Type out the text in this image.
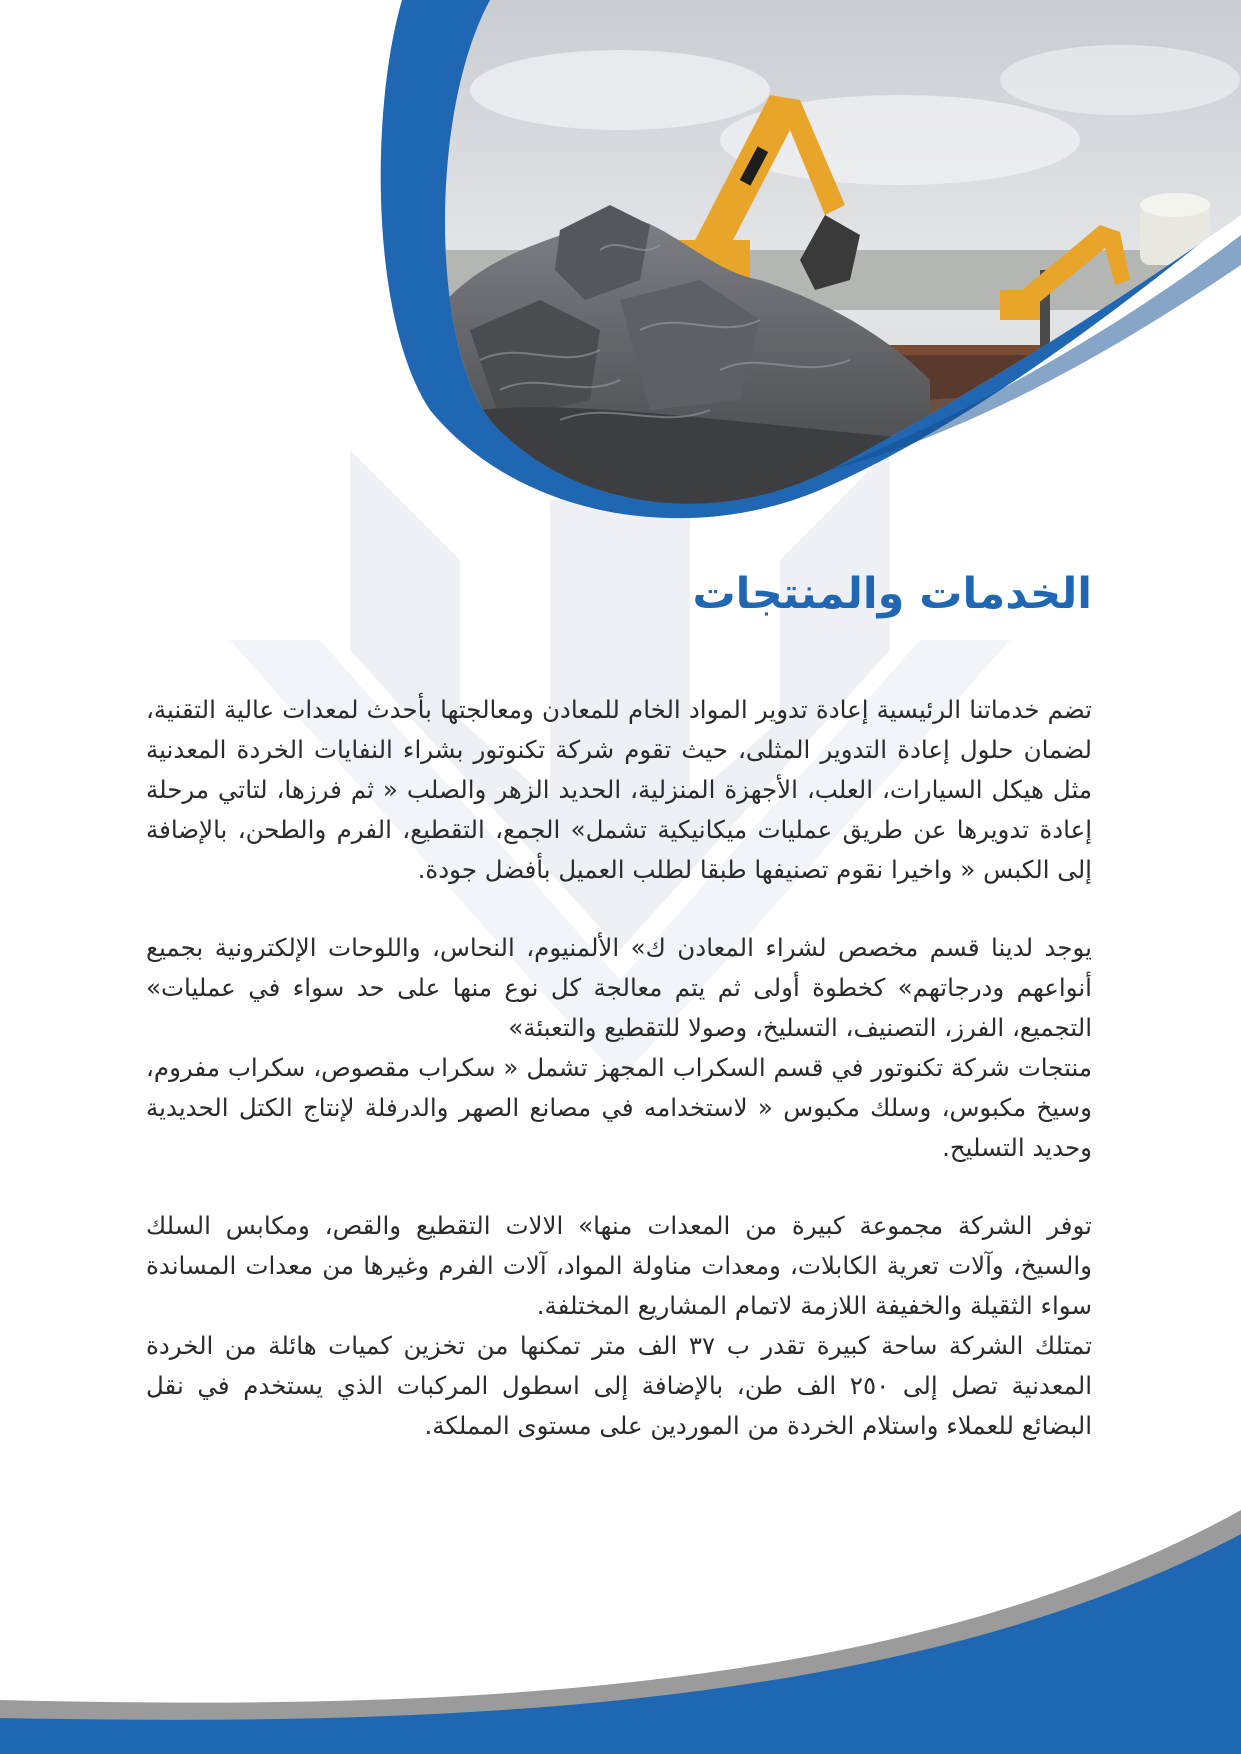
الخدمات والمنتجات

تضم خدماتنا الرئيسية إعادة تدوير المواد الخام للمعادن ومعالجتها بأحدث لمعدات عالية التقنية، لضمان حلول إعادة التدوير المثلى، حيث تقوم شركة تكنوتور بشراء النفايات الخردة المعدنية مثل هيكل السيارات، العلب، الأجهزة المنزلية، الحديد الزهر والصلب « ثم فرزها، لتاتي مرحلة إعادة تدويرها عن طريق عمليات ميكانيكية تشمل» الجمع، التقطيع، الفرم والطحن، بالإضافة إلى الكبس « واخيرا نقوم تصنيفها طبقا لطلب العميل بأفضل جودة.

يوجد لدينا قسم مخصص لشراء المعادن ك» الألمنيوم، النحاس، واللوحات الإلكترونية بجميع أنواعهم ودرجاتهم» كخطوة أولى ثم يتم معالجة كل نوع منها على حد سواء في عمليات» التجميع، الفرز، التصنيف، التسليخ، وصولا للتقطيع والتعبئة»

منتجات شركة تكنوتور في قسم السكراب المجهز تشمل « سكراب مقصوص، سكراب مفروم، وسيخ مكبوس، وسلك مكبوس « لاستخدامه في مصانع الصهر والدرفلة لإنتاج الكتل الحديدية وحديد التسليح.

توفر الشركة مجموعة كبيرة من المعدات منها» الالات التقطيع والقص، ومكابس السلك والسيخ، وآلات تعرية الكابلات، ومعدات مناولة المواد، آلات الفرم وغيرها من معدات المساندة سواء الثقيلة والخفيفة اللازمة لاتمام المشاريع المختلفة.

تمتلك الشركة ساحة كبيرة تقدر ب ٣٧ الف متر تمكنها من تخزين كميات هائلة من الخردة المعدنية تصل إلى ٢٥٠ الف طن، بالإضافة إلى اسطول المركبات الذي يستخدم في نقل البضائع للعملاء واستلام الخردة من الموردين على مستوى المملكة.
